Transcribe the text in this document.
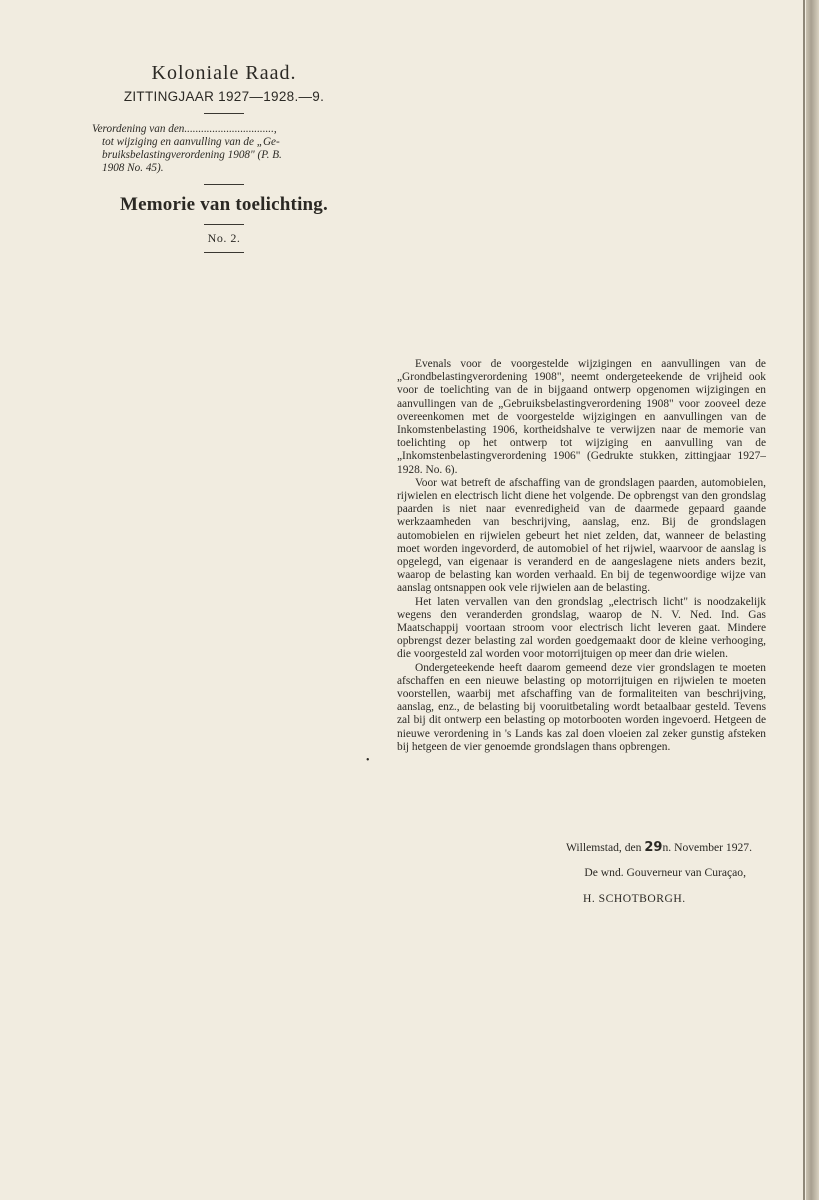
Koloniale Raad.
ZITTINGJAAR 1927—1928.—9.
Verordening van den................................,
tot wijziging en aanvulling van de „Ge-
bruiksbelastingverordening 1908" (P. B.
1908 No. 45).
Memorie van toelichting.
No. 2.

Evenals voor de voorgestelde wijzigingen en aanvullingen van de „Grondbelastingverordening 1908", neemt ondergeteekende de vrijheid ook voor de toelichting van de in bijgaand ontwerp opgenomen wijzigingen en aanvullingen van de „Gebruiksbelastingverordening 1908" voor zooveel deze overeenkomen met de voorgestelde wijzigingen en aanvullingen van de Inkomstenbelasting 1906, kortheidshalve te verwijzen naar de memorie van toelichting op het ontwerp tot wijziging en aanvulling van de „Inkomstenbelastingverordening 1906" (Gedrukte stukken, zittingjaar 1927–1928. No. 6).

Voor wat betreft de afschaffing van de grondslagen paarden, automobielen, rijwielen en electrisch licht diene het volgende. De opbrengst van den grondslag paarden is niet naar evenredigheid van de daarmede gepaard gaande werkzaamheden van beschrijving, aanslag, enz. Bij de grondslagen automobielen en rijwielen gebeurt het niet zelden, dat, wanneer de belasting moet worden ingevorderd, de automobiel of het rijwiel, waarvoor de aanslag is opgelegd, van eigenaar is veranderd en de aangeslagene niets anders bezit, waarop de belasting kan worden verhaald. En bij de tegenwoordige wijze van aanslag ontsnappen ook vele rijwielen aan de belasting.

Het laten vervallen van den grondslag „electrisch licht" is noodzakelijk wegens den veranderden grondslag, waarop de N. V. Ned. Ind. Gas Maatschappij voortaan stroom voor electrisch licht leveren gaat. Mindere opbrengst dezer belasting zal worden goedgemaakt door de kleine verhooging, die voorgesteld zal worden voor motorrijtuigen op meer dan drie wielen.

Ondergeteekende heeft daarom gemeend deze vier grondslagen te moeten afschaffen en een nieuwe belasting op motorrijtuigen en rijwielen te moeten voorstellen, waarbij met afschaffing van de formaliteiten van beschrijving, aanslag, enz., de belasting bij vooruitbetaling wordt betaalbaar gesteld. Tevens zal bij dit ontwerp een belasting op motorbooten worden ingevoerd. Hetgeen de nieuwe verordening in 's Lands kas zal doen vloeien zal zeker gunstig afsteken bij hetgeen de vier genoemde grondslagen thans opbrengen.

•
Willemstad, den 29n. November 1927.
De wnd. Gouverneur van Curaçao,
H. SCHOTBORGH.
